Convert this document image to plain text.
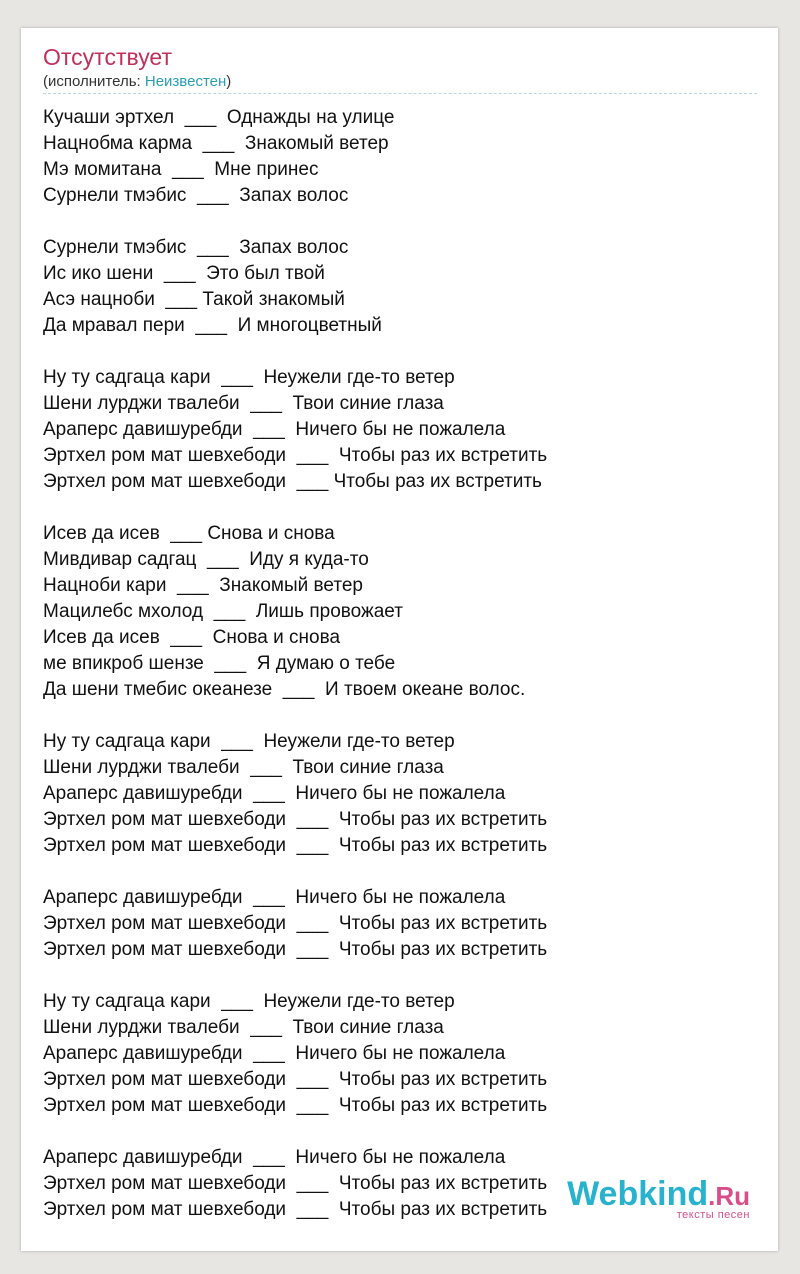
Отсутствует
(исполнитель: Неизвестен)
Кучаши эртхел  ___  Однажды на улице
Нацнобма карма  ___  Знакомый ветер
Мэ момитана  ___  Мне принес
Сурнели тмэбис  ___  Запах волос
Сурнели тмэбис  ___  Запах волос
Ис ико шени  ___  Это был твой
Асэ нацноби  ___ Такой знакомый
Да мравал пери  ___  И многоцветный
Ну ту садгаца кари  ___  Неужели где-то ветер
Шени лурджи твалеби  ___  Твои синие глаза
Араперс давишуребди  ___  Ничего бы не пожалела
Эртхел ром мат шевхебоди  ___  Чтобы раз их встретить
Эртхел ром мат шевхебоди  ___ Чтобы раз их встретить
Исев да исев  ___ Снова и снова
Мивдивар садгац  ___  Иду я куда-то
Нацноби кари  ___  Знакомый ветер
Мацилебс мхолод  ___  Лишь провожает
Исев да исев  ___  Снова и снова
ме впикроб шензе  ___  Я думаю о тебе
Да шени тмебис океанезе  ___  И твоем океане волос.
Ну ту садгаца кари  ___  Неужели где-то ветер
Шени лурджи твалеби  ___  Твои синие глаза
Араперс давишуребди  ___  Ничего бы не пожалела
Эртхел ром мат шевхебоди  ___  Чтобы раз их встретить
Эртхел ром мат шевхебоди  ___  Чтобы раз их встретить
Араперс давишуребди  ___  Ничего бы не пожалела
Эртхел ром мат шевхебоди  ___  Чтобы раз их встретить
Эртхел ром мат шевхебоди  ___  Чтобы раз их встретить
Ну ту садгаца кари  ___  Неужели где-то ветер
Шени лурджи твалеби  ___  Твои синие глаза
Араперс давишуребди  ___  Ничего бы не пожалела
Эртхел ром мат шевхебоди  ___  Чтобы раз их встретить
Эртхел ром мат шевхебоди  ___  Чтобы раз их встретить
Араперс давишуребди  ___  Ничего бы не пожалела
Эртхел ром мат шевхебоди  ___  Чтобы раз их встретить
Эртхел ром мат шевхебоди  ___  Чтобы раз их встретить Webkind.Ru
тексты песен
